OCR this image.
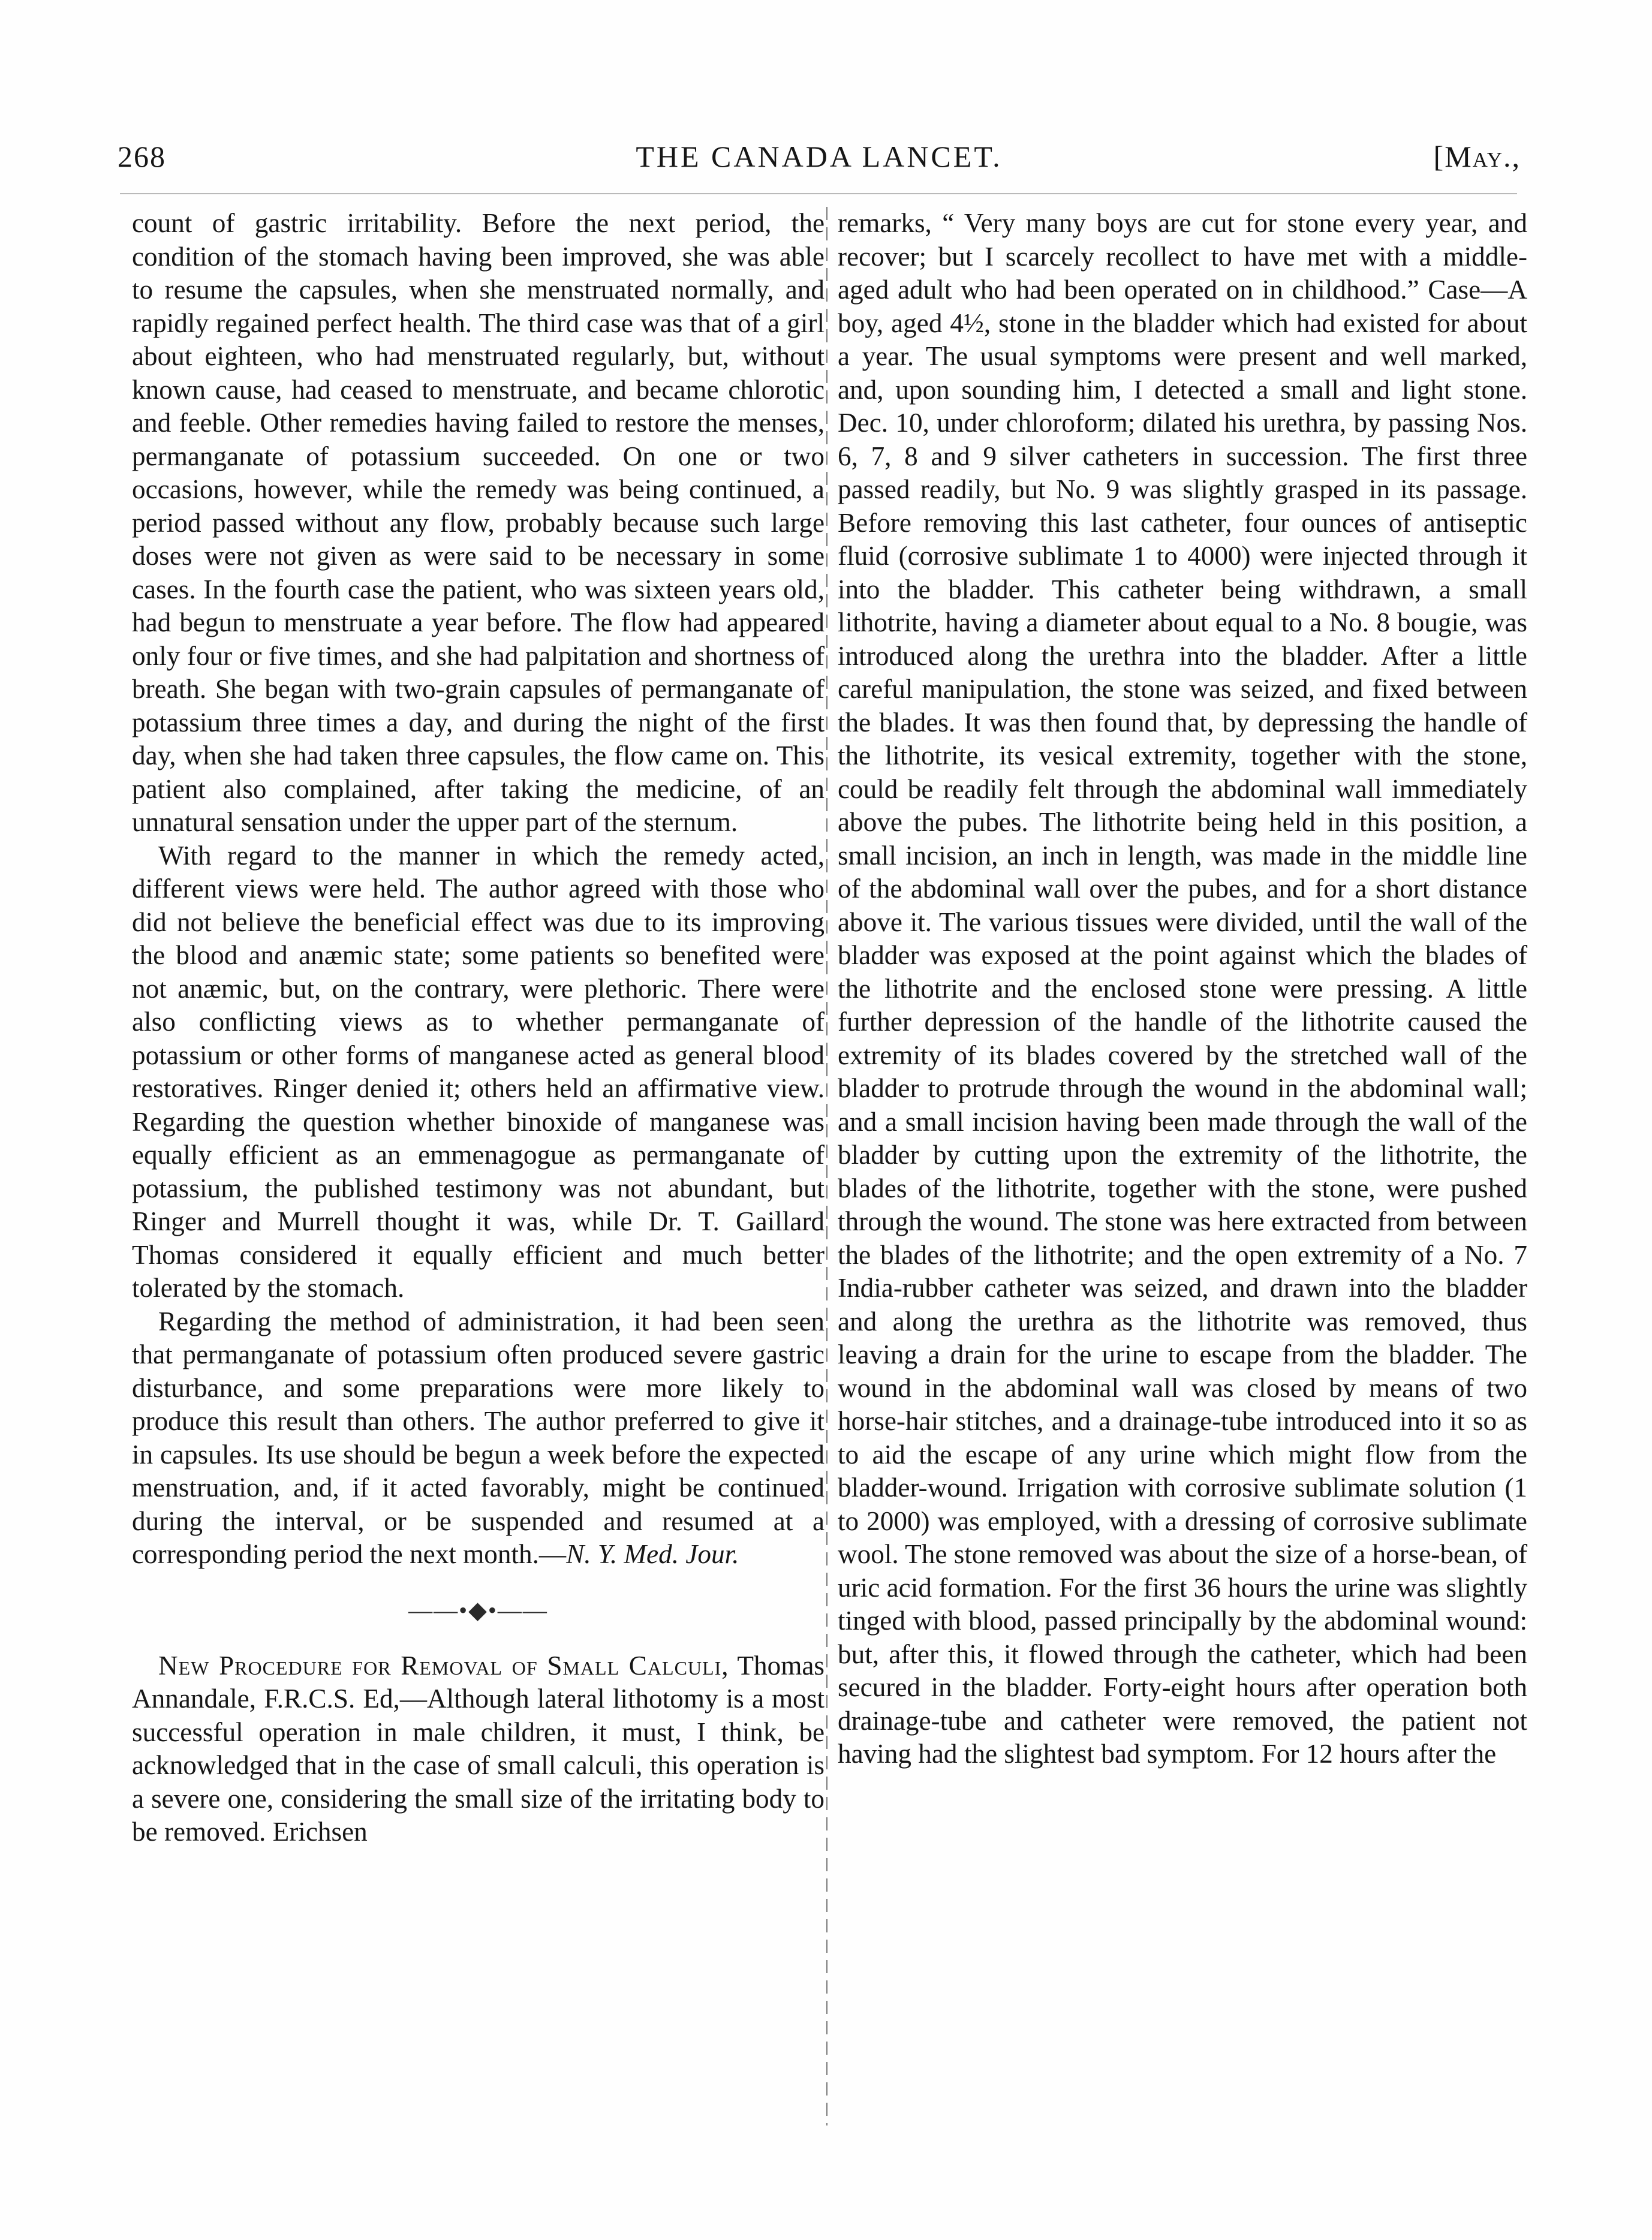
268	THE CANADA LANCET.	[May.,

count of gastric irritability. Before the next period, the condition of the stomach having been improved, she was able to resume the capsules, when she menstruated normally, and rapidly regained perfect health. The third case was that of a girl about eighteen, who had menstruated regularly, but, without known cause, had ceased to menstruate, and became chlorotic and feeble. Other remedies having failed to restore the menses, permanganate of potassium succeeded. On one or two occasions, however, while the remedy was being continued, a period passed without any flow, probably because such large doses were not given as were said to be necessary in some cases. In the fourth case the patient, who was sixteen years old, had begun to menstruate a year before. The flow had appeared only four or five times, and she had palpitation and shortness of breath. She began with two-grain capsules of permanganate of potassium three times a day, and during the night of the first day, when she had taken three capsules, the flow came on. This patient also complained, after taking the medicine, of an unnatural sensation under the upper part of the sternum.

With regard to the manner in which the remedy acted, different views were held. The author agreed with those who did not believe the beneficial effect was due to its improving the blood and anæmic state; some patients so benefited were not anæmic, but, on the contrary, were plethoric. There were also conflicting views as to whether permanganate of potassium or other forms of manganese acted as general blood restoratives. Ringer denied it; others held an affirmative view. Regarding the question whether binoxide of manganese was equally efficient as an emmenagogue as permanganate of potassium, the published testimony was not abundant, but Ringer and Murrell thought it was, while Dr. T. Gaillard Thomas considered it equally efficient and much better tolerated by the stomach.

Regarding the method of administration, it had been seen that permanganate of potassium often produced severe gastric disturbance, and some preparations were more likely to produce this result than others. The author preferred to give it in capsules. Its use should be begun a week before the expected menstruation, and, if it acted favorably, might be continued during the interval, or be suspended and resumed at a corresponding period the next month.—N. Y. Med. Jour.

——•◆•——

New Procedure for Removal of Small Calculi, Thomas Annandale, F.R.C.S. Ed,—Although lateral lithotomy is a most successful operation in male children, it must, I think, be acknowledged that in the case of small calculi, this operation is a severe one, considering the small size of the irritating body to be removed. Erichsen

remarks, “ Very many boys are cut for stone every year, and recover; but I scarcely recollect to have met with a middle-aged adult who had been operated on in childhood.” Case—A boy, aged 4½, stone in the bladder which had existed for about a year. The usual symptoms were present and well marked, and, upon sounding him, I detected a small and light stone. Dec. 10, under chloroform; dilated his urethra, by passing Nos. 6, 7, 8 and 9 silver catheters in succession. The first three passed readily, but No. 9 was slightly grasped in its passage. Before removing this last catheter, four ounces of antiseptic fluid (corrosive sublimate 1 to 4000) were injected through it into the bladder. This catheter being withdrawn, a small lithotrite, having a diameter about equal to a No. 8 bougie, was introduced along the urethra into the bladder. After a little careful manipulation, the stone was seized, and fixed between the blades. It was then found that, by depressing the handle of the lithotrite, its vesical extremity, together with the stone, could be readily felt through the abdominal wall immediately above the pubes. The lithotrite being held in this position, a small incision, an inch in length, was made in the middle line of the abdominal wall over the pubes, and for a short distance above it. The various tissues were divided, until the wall of the bladder was exposed at the point against which the blades of the lithotrite and the enclosed stone were pressing. A little further depression of the handle of the lithotrite caused the extremity of its blades covered by the stretched wall of the bladder to protrude through the wound in the abdominal wall; and a small incision having been made through the wall of the bladder by cutting upon the extremity of the lithotrite, the blades of the lithotrite, together with the stone, were pushed through the wound. The stone was here extracted from between the blades of the lithotrite; and the open extremity of a No. 7 India-rubber catheter was seized, and drawn into the bladder and along the urethra as the lithotrite was removed, thus leaving a drain for the urine to escape from the bladder. The wound in the abdominal wall was closed by means of two horse-hair stitches, and a drainage-tube introduced into it so as to aid the escape of any urine which might flow from the bladder-wound. Irrigation with corrosive sublimate solution (1 to 2000) was employed, with a dressing of corrosive sublimate wool. The stone removed was about the size of a horse-bean, of uric acid formation. For the first 36 hours the urine was slightly tinged with blood, passed principally by the abdominal wound: but, after this, it flowed through the catheter, which had been secured in the bladder. Forty-eight hours after operation both drainage-tube and catheter were removed, the patient not having had the slightest bad symptom. For 12 hours after the
